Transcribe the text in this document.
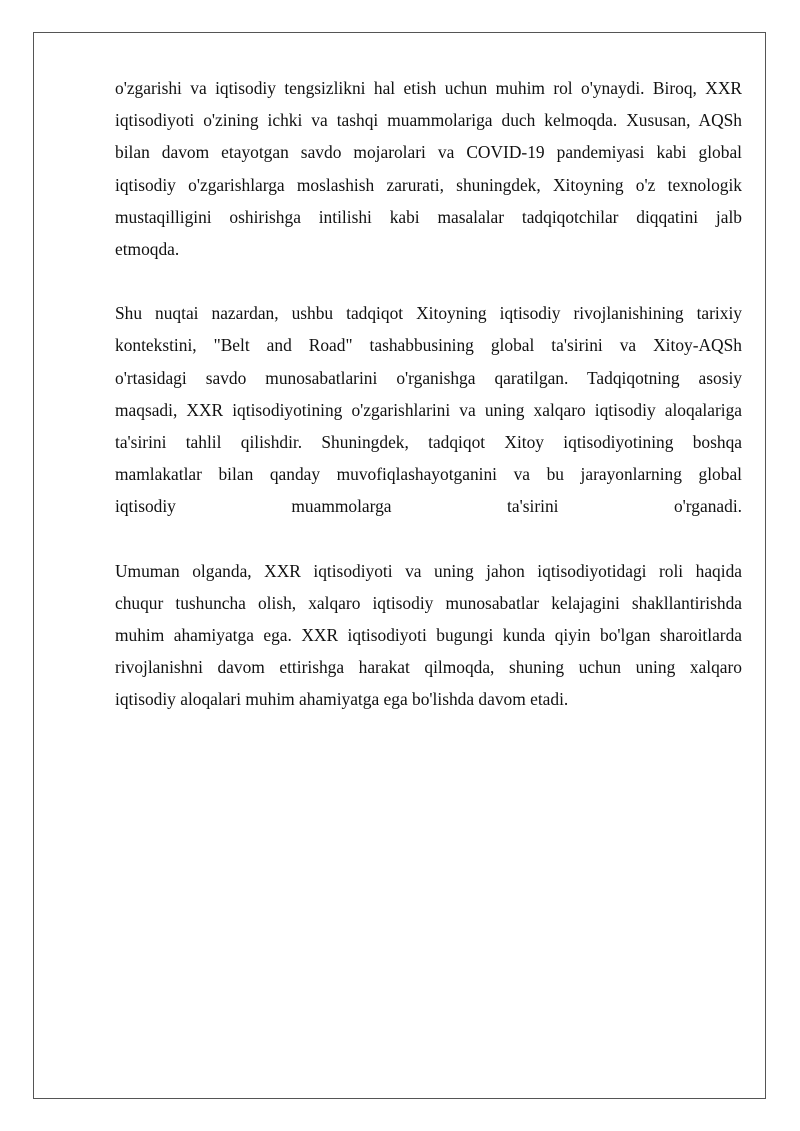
o'zgarishi va iqtisodiy tengsizlikni hal etish uchun muhim rol o'ynaydi. Biroq, XXR
iqtisodiyoti o'zining ichki va tashqi muammolariga duch kelmoqda. Xususan, AQSh
bilan davom etayotgan savdo mojarolari va COVID-19 pandemiyasi kabi global
iqtisodiy o'zgarishlarga moslashish zarurati, shuningdek, Xitoyning o'z texnologik
mustaqilligini oshirishga intilishi kabi masalalar tadqiqotchilar diqqatini jalb
etmoqda.

Shu nuqtai nazardan, ushbu tadqiqot Xitoyning iqtisodiy rivojlanishining tarixiy
kontekstini, "Belt and Road" tashabbusining global ta'sirini va Xitoy-AQSh
o'rtasidagi savdo munosabatlarini o'rganishga qaratilgan. Tadqiqotning asosiy
maqsadi, XXR iqtisodiyotining o'zgarishlarini va uning xalqaro iqtisodiy aloqalariga
ta'sirini tahlil qilishdir. Shuningdek, tadqiqot Xitoy iqtisodiyotining boshqa
mamlakatlar bilan qanday muvofiqlashayotganini va bu jarayonlarning global
iqtisodiy muammolarga ta'sirini o'rganadi.

Umuman olganda, XXR iqtisodiyoti va uning jahon iqtisodiyotidagi roli haqida
chuqur tushuncha olish, xalqaro iqtisodiy munosabatlar kelajagini shakllantirishda
muhim ahamiyatga ega. XXR iqtisodiyoti bugungi kunda qiyin bo'lgan sharoitlarda
rivojlanishni davom ettirishga harakat qilmoqda, shuning uchun uning xalqaro
iqtisodiy aloqalari muhim ahamiyatga ega bo'lishda davom etadi.
